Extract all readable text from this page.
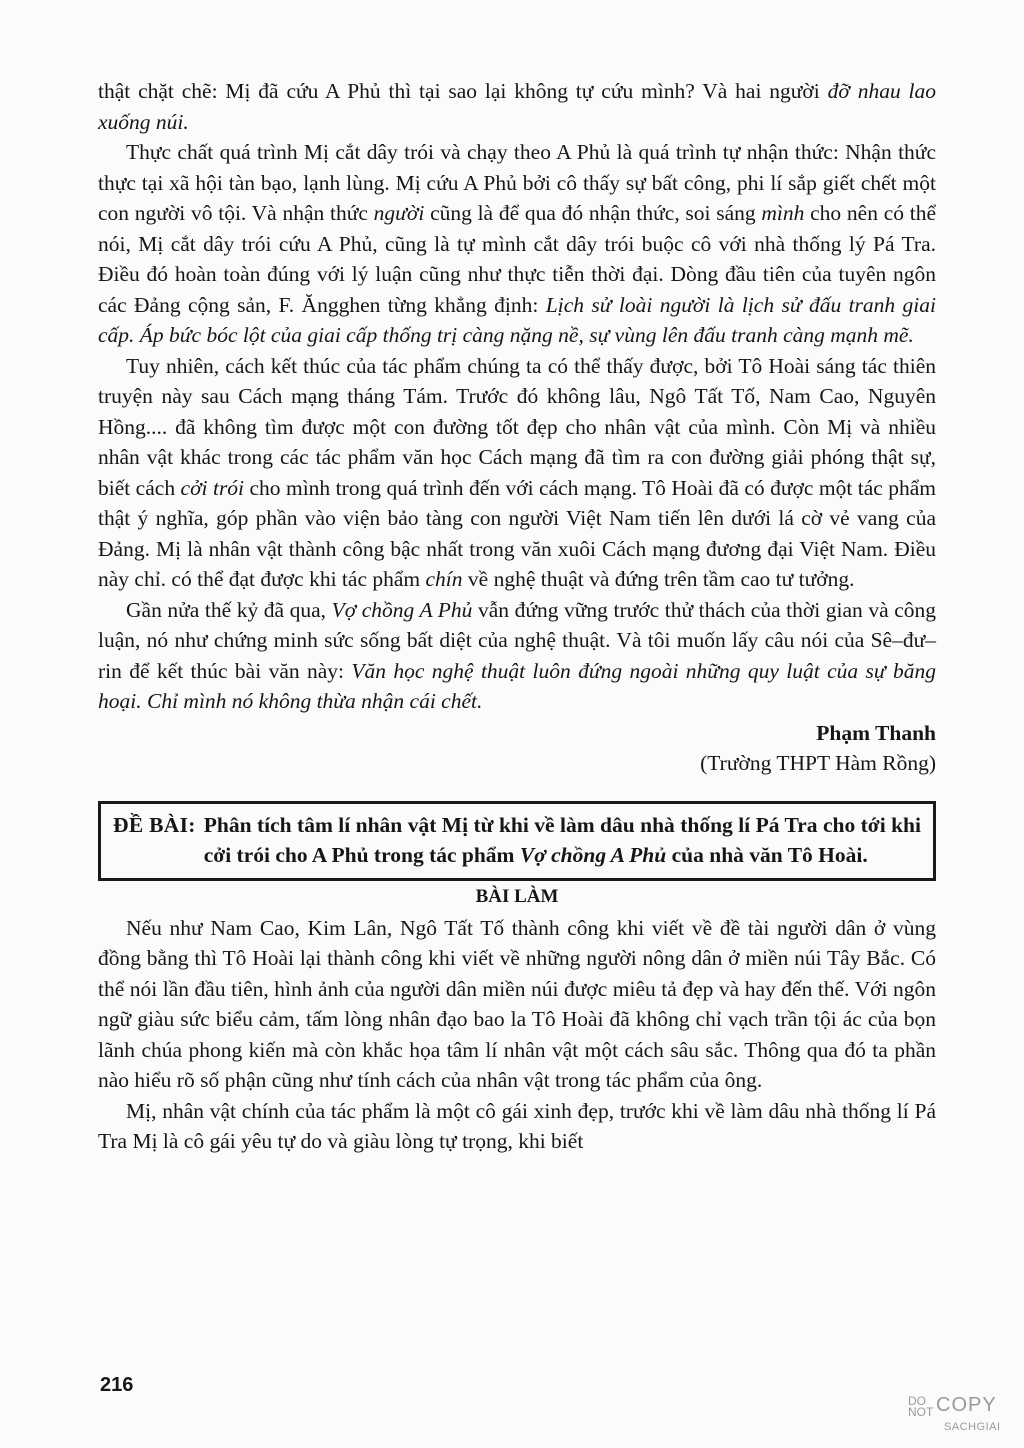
thật chặt chẽ: Mị đã cứu A Phủ thì tại sao lại không tự cứu mình? Và hai người đỡ nhau lao xuống núi.

Thực chất quá trình Mị cắt dây trói và chạy theo A Phủ là quá trình tự nhận thức: Nhận thức thực tại xã hội tàn bạo, lạnh lùng. Mị cứu A Phủ bởi cô thấy sự bất công, phi lí sắp giết chết một con người vô tội. Và nhận thức người cũng là để qua đó nhận thức, soi sáng mình cho nên có thể nói, Mị cắt dây trói cứu A Phủ, cũng là tự mình cắt dây trói buộc cô với nhà thống lý Pá Tra. Điều đó hoàn toàn đúng với lý luận cũng như thực tiễn thời đại. Dòng đầu tiên của tuyên ngôn các Đảng cộng sản, F. Ăngghen từng khẳng định: Lịch sử loài người là lịch sử đấu tranh giai cấp. Áp bức bóc lột của giai cấp thống trị càng nặng nề, sự vùng lên đấu tranh càng mạnh mẽ.

Tuy nhiên, cách kết thúc của tác phẩm chúng ta có thể thấy được, bởi Tô Hoài sáng tác thiên truyện này sau Cách mạng tháng Tám. Trước đó không lâu, Ngô Tất Tố, Nam Cao, Nguyên Hồng.... đã không tìm được một con đường tốt đẹp cho nhân vật của mình. Còn Mị và nhiều nhân vật khác trong các tác phẩm văn học Cách mạng đã tìm ra con đường giải phóng thật sự, biết cách cởi trói cho mình trong quá trình đến với cách mạng. Tô Hoài đã có được một tác phẩm thật ý nghĩa, góp phần vào viện bảo tàng con người Việt Nam tiến lên dưới lá cờ vẻ vang của Đảng. Mị là nhân vật thành công bậc nhất trong văn xuôi Cách mạng đương đại Việt Nam. Điều này chỉ. có thể đạt được khi tác phẩm chín về nghệ thuật và đứng trên tầm cao tư tưởng.

Gần nửa thế kỷ đã qua, Vợ chồng A Phủ vẫn đứng vững trước thử thách của thời gian và công luận, nó như chứng minh sức sống bất diệt của nghệ thuật. Và tôi muốn lấy câu nói của Sê–đư–rin để kết thúc bài văn này: Văn học nghệ thuật luôn đứng ngoài những quy luật của sự băng hoại. Chỉ mình nó không thừa nhận cái chết.

Phạm Thanh
(Trường THPT Hàm Rồng)
ĐỀ BÀI: Phân tích tâm lí nhân vật Mị từ khi về làm dâu nhà thống lí Pá Tra cho tới khi cởi trói cho A Phủ trong tác phẩm Vợ chồng A Phủ của nhà văn Tô Hoài.
BÀI LÀM

Nếu như Nam Cao, Kim Lân, Ngô Tất Tố thành công khi viết về đề tài người dân ở vùng đồng bằng thì Tô Hoài lại thành công khi viết về những người nông dân ở miền núi Tây Bắc. Có thể nói lần đầu tiên, hình ảnh của người dân miền núi được miêu tả đẹp và hay đến thế. Với ngôn ngữ giàu sức biểu cảm, tấm lòng nhân đạo bao la Tô Hoài đã không chỉ vạch trần tội ác của bọn lãnh chúa phong kiến mà còn khắc họa tâm lí nhân vật một cách sâu sắc. Thông qua đó ta phần nào hiểu rõ số phận cũng như tính cách của nhân vật trong tác phẩm của ông.

Mị, nhân vật chính của tác phẩm là một cô gái xinh đẹp, trước khi về làm dâu nhà thống lí Pá Tra Mị là cô gái yêu tự do và giàu lòng tự trọng, khi biết

216
DO
NOT COPY
SACHGIAI
